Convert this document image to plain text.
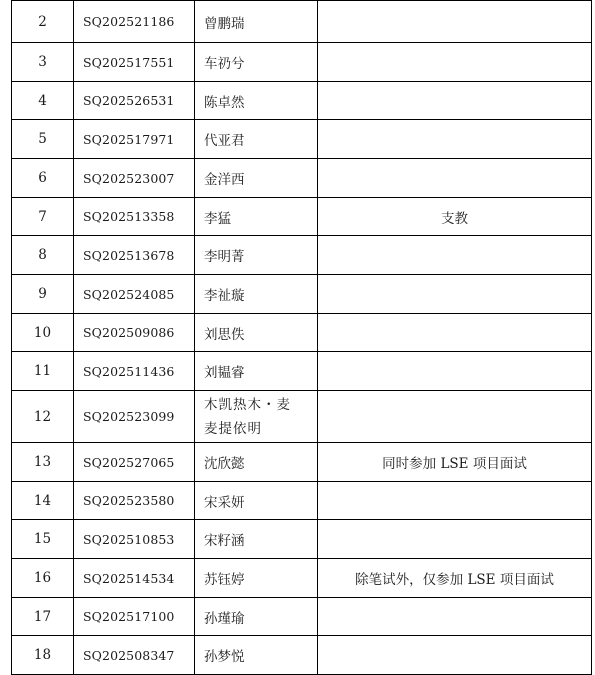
2	SQ202521186	曾鹏瑞	
3	SQ202517551	车礽兮	
4	SQ202526531	陈卓然	
5	SQ202517971	代亚君	
6	SQ202523007	金洋西	
7	SQ202513358	李猛	支教
8	SQ202513678	李明菁	
9	SQ202524085	李祉璇	
10	SQ202509086	刘思佚	
11	SQ202511436	刘韫睿	
12	SQ202523099	木凯热木・麦
麦提依明	

13	SQ202527065	沈欣懿	同时参加 LSE 项目面试
14	SQ202523580	宋采妍	
15	SQ202510853	宋籽涵	
16	SQ202514534	苏钰婷	除笔试外，仅参加 LSE 项目面试
17	SQ202517100	孙瑾瑜	
18	SQ202508347	孙梦悦	
